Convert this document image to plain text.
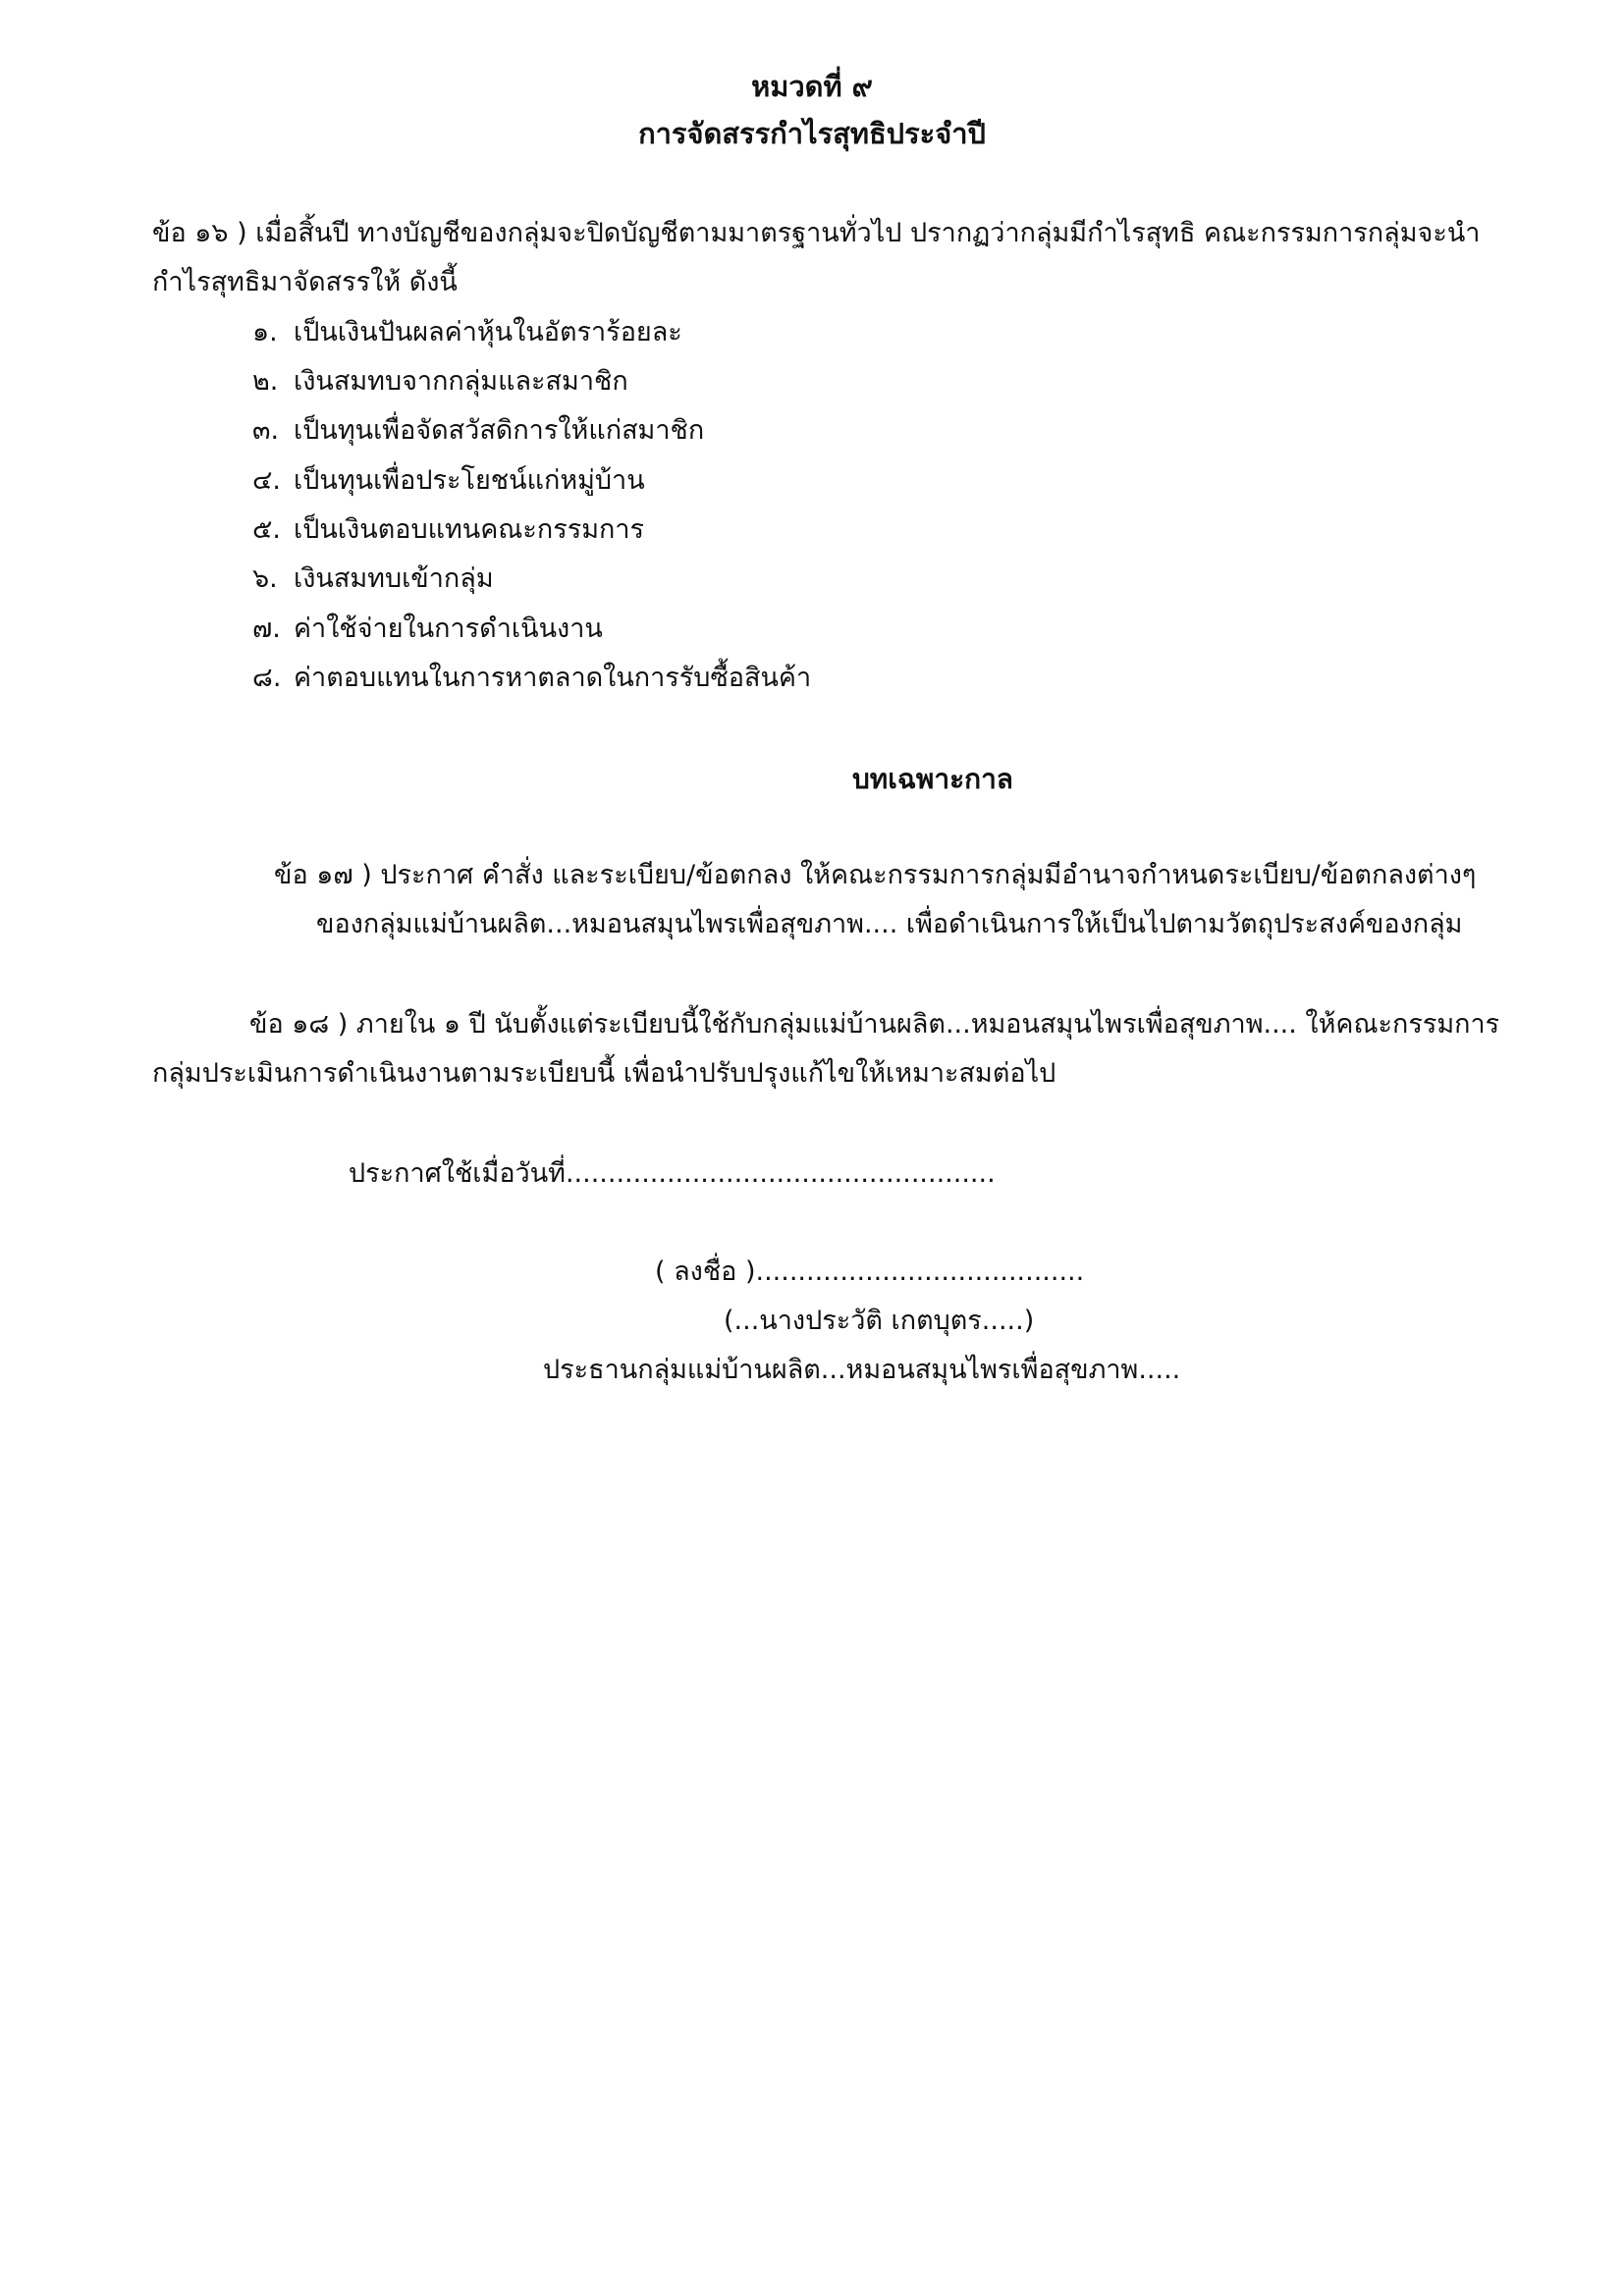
หมวดที่ ๙
การจัดสรรกำไรสุทธิประจำปี
ข้อ ๑๖ ) เมื่อสิ้นปี ทางบัญชีของกลุ่มจะปิดบัญชีตามมาตรฐานทั่วไป ปรากฏว่ากลุ่มมีกำไรสุทธิ คณะกรรมการกลุ่มจะนำ
กำไรสุทธิมาจัดสรรให้ ดังนี้
๑. เป็นเงินปันผลค่าหุ้นในอัตราร้อยละ
๒. เงินสมทบจากกลุ่มและสมาชิก
๓. เป็นทุนเพื่อจัดสวัสดิการให้แก่สมาชิก
๔. เป็นทุนเพื่อประโยชน์แก่หมู่บ้าน
๕. เป็นเงินตอบแทนคณะกรรมการ
๖. เงินสมทบเข้ากลุ่ม
๗. ค่าใช้จ่ายในการดำเนินงาน
๘. ค่าตอบแทนในการหาตลาดในการรับซื้อสินค้า
บทเฉพาะกาล
ข้อ ๑๗ ) ประกาศ คำสั่ง และระเบียบ/ข้อตกลง ให้คณะกรรมการกลุ่มมีอำนาจกำหนดระเบียบ/ข้อตกลงต่างๆ
ของกลุ่มแม่บ้านผลิต...หมอนสมุนไพรเพื่อสุขภาพ.... เพื่อดำเนินการให้เป็นไปตามวัตถุประสงค์ของกลุ่ม
ข้อ ๑๘ ) ภายใน ๑ ปี นับตั้งแต่ระเบียบนี้ใช้กับกลุ่มแม่บ้านผลิต...หมอนสมุนไพรเพื่อสุขภาพ.... ให้คณะกรรมการ
กลุ่มประเมินการดำเนินงานตามระเบียบนี้ เพื่อนำปรับปรุงแก้ไขให้เหมาะสมต่อไป
ประกาศใช้เมื่อวันที่...................................................
( ลงชื่อ ).......................................
(...นางประวัติ เกตบุตร.....)
ประธานกลุ่มแม่บ้านผลิต...หมอนสมุนไพรเพื่อสุขภาพ.....
